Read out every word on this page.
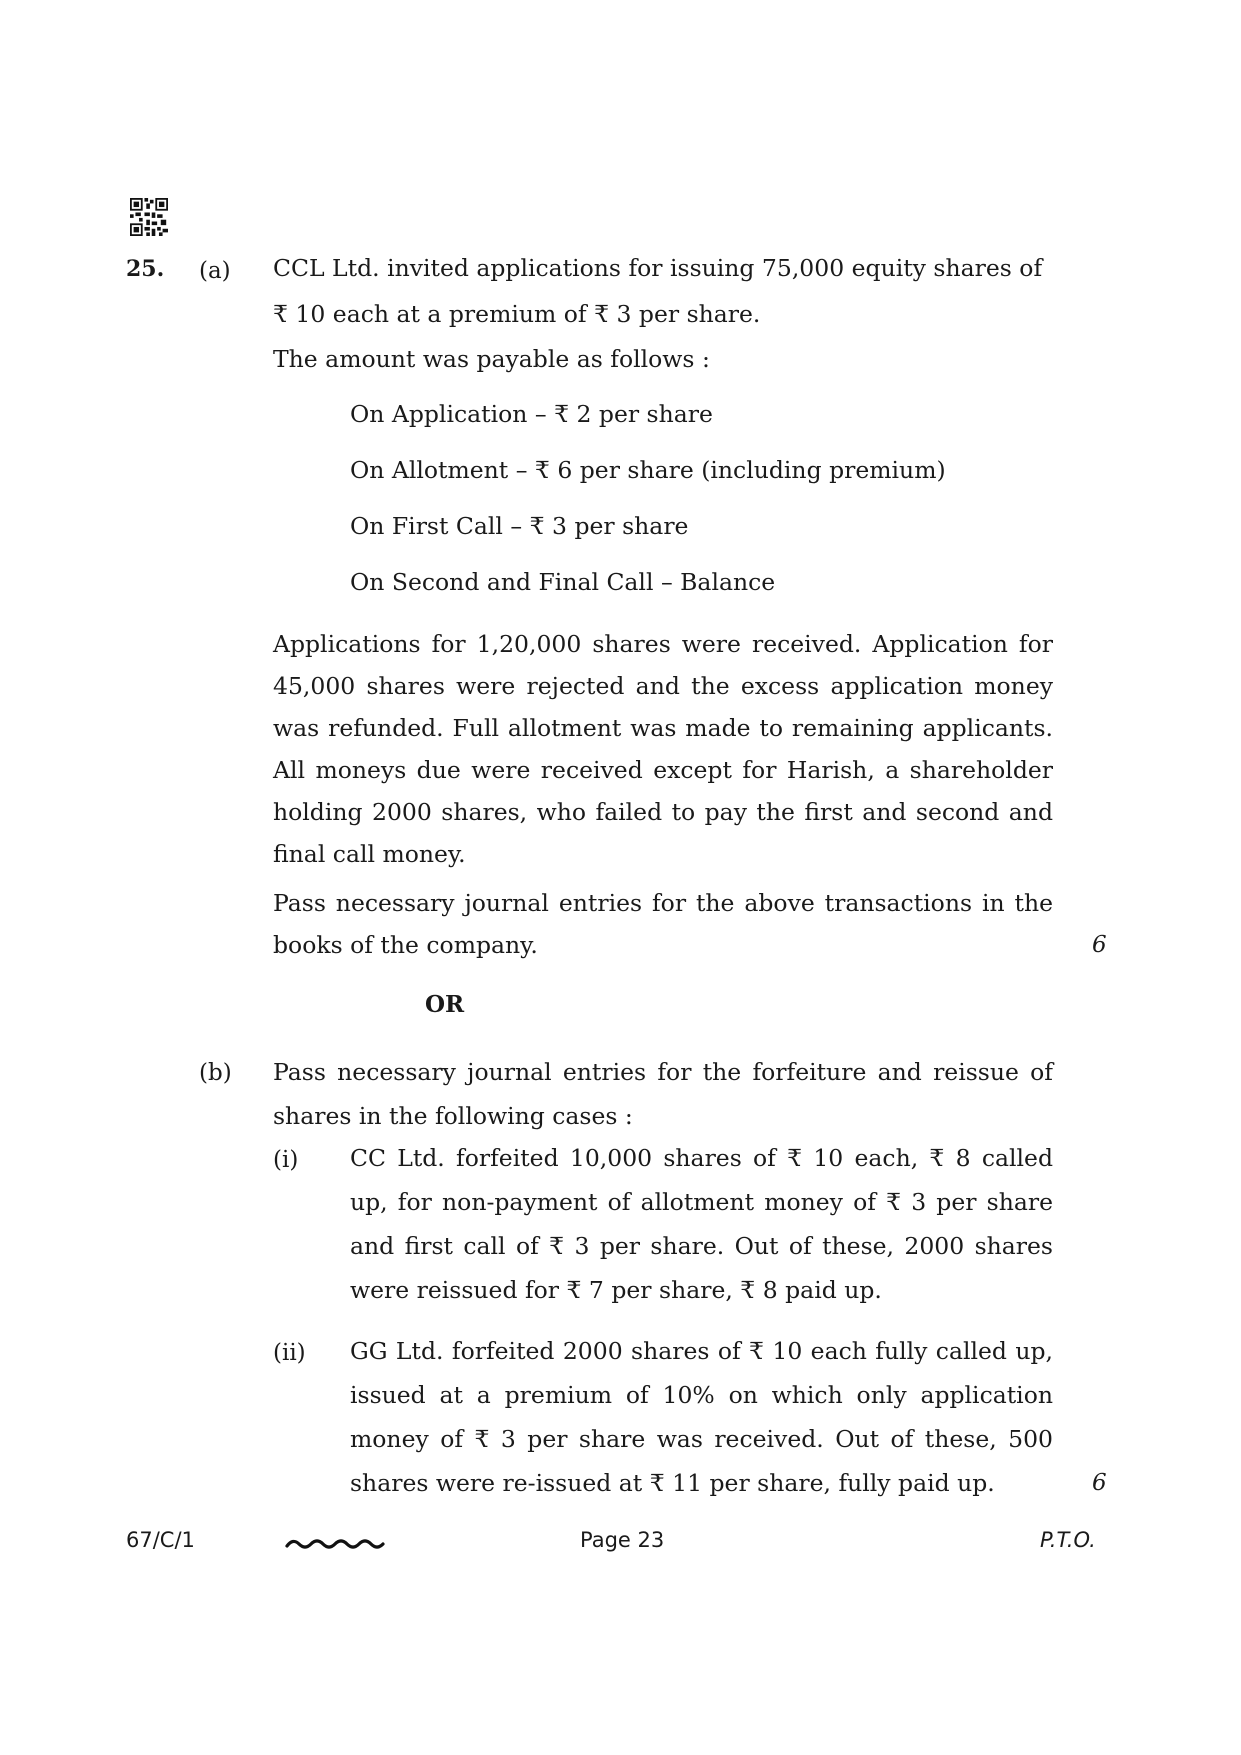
25. (a) CCL Ltd. invited applications for issuing 75,000 equity shares of
₹ 10 each at a premium of ₹ 3 per share.
The amount was payable as follows :
On Application – ₹ 2 per share
On Allotment – ₹ 6 per share (including premium)
On First Call – ₹ 3 per share
On Second and Final Call – Balance
Applications for 1,20,000 shares were received. Application for 45,000 shares were rejected and the excess application money was refunded. Full allotment was made to remaining applicants. All moneys due were received except for Harish, a shareholder holding 2000 shares, who failed to pay the first and second and final call money.
Pass necessary journal entries for the above transactions in the books of the company.	6
OR
(b) Pass necessary journal entries for the forfeiture and reissue of shares in the following cases :
(i) CC Ltd. forfeited 10,000 shares of ₹ 10 each, ₹ 8 called up, for non-payment of allotment money of ₹ 3 per share and first call of ₹ 3 per share. Out of these, 2000 shares were reissued for ₹ 7 per share, ₹ 8 paid up.
(ii) GG Ltd. forfeited 2000 shares of ₹ 10 each fully called up, issued at a premium of 10% on which only application money of ₹ 3 per share was received. Out of these, 500 shares were re-issued at ₹ 11 per share, fully paid up.	6
67/C/1	Page 23	P.T.O.
